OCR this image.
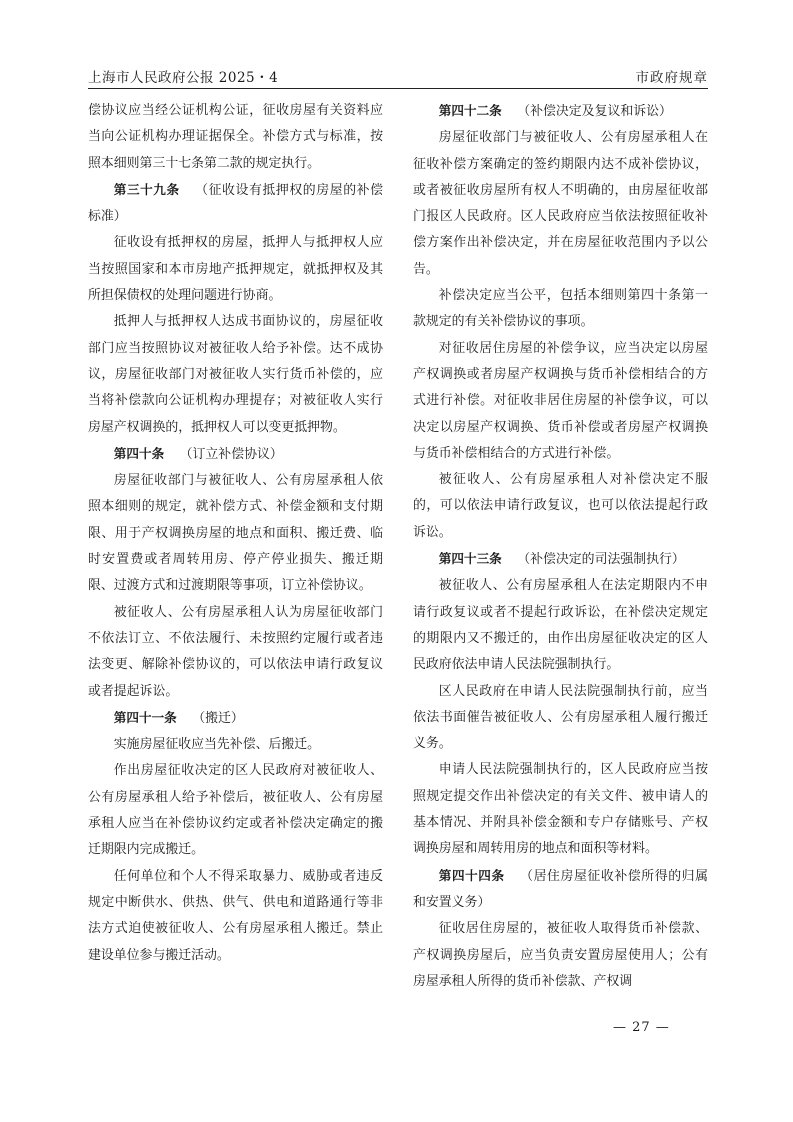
上海市人民政府公报 2025・4	市政府规章

偿协议应当经公证机构公证，征收房屋有关资料应当向公证机构办理证据保全。补偿方式与标准，按照本细则第三十七条第二款的规定执行。

第三十九条 （征收设有抵押权的房屋的补偿标准）

征收设有抵押权的房屋，抵押人与抵押权人应当按照国家和本市房地产抵押规定，就抵押权及其所担保债权的处理问题进行协商。

抵押人与抵押权人达成书面协议的，房屋征收部门应当按照协议对被征收人给予补偿。达不成协议，房屋征收部门对被征收人实行货币补偿的，应当将补偿款向公证机构办理提存；对被征收人实行房屋产权调换的，抵押权人可以变更抵押物。

第四十条 （订立补偿协议）

房屋征收部门与被征收人、公有房屋承租人依照本细则的规定，就补偿方式、补偿金额和支付期限、用于产权调换房屋的地点和面积、搬迁费、临时安置费或者周转用房、停产停业损失、搬迁期限、过渡方式和过渡期限等事项，订立补偿协议。

被征收人、公有房屋承租人认为房屋征收部门不依法订立、不依法履行、未按照约定履行或者违法变更、解除补偿协议的，可以依法申请行政复议或者提起诉讼。

第四十一条 （搬迁）

实施房屋征收应当先补偿、后搬迁。

作出房屋征收决定的区人民政府对被征收人、公有房屋承租人给予补偿后，被征收人、公有房屋承租人应当在补偿协议约定或者补偿决定确定的搬迁期限内完成搬迁。

任何单位和个人不得采取暴力、威胁或者违反规定中断供水、供热、供气、供电和道路通行等非法方式迫使被征收人、公有房屋承租人搬迁。禁止建设单位参与搬迁活动。

第四十二条 （补偿决定及复议和诉讼）

房屋征收部门与被征收人、公有房屋承租人在征收补偿方案确定的签约期限内达不成补偿协议，或者被征收房屋所有权人不明确的，由房屋征收部门报区人民政府。区人民政府应当依法按照征收补偿方案作出补偿决定，并在房屋征收范围内予以公告。

补偿决定应当公平，包括本细则第四十条第一款规定的有关补偿协议的事项。

对征收居住房屋的补偿争议，应当决定以房屋产权调换或者房屋产权调换与货币补偿相结合的方式进行补偿。对征收非居住房屋的补偿争议，可以决定以房屋产权调换、货币补偿或者房屋产权调换与货币补偿相结合的方式进行补偿。

被征收人、公有房屋承租人对补偿决定不服的，可以依法申请行政复议，也可以依法提起行政诉讼。

第四十三条 （补偿决定的司法强制执行）

被征收人、公有房屋承租人在法定期限内不申请行政复议或者不提起行政诉讼，在补偿决定规定的期限内又不搬迁的，由作出房屋征收决定的区人民政府依法申请人民法院强制执行。

区人民政府在申请人民法院强制执行前，应当依法书面催告被征收人、公有房屋承租人履行搬迁义务。

申请人民法院强制执行的，区人民政府应当按照规定提交作出补偿决定的有关文件、被申请人的基本情况、并附具补偿金额和专户存储账号、产权调换房屋和周转用房的地点和面积等材料。

第四十四条 （居住房屋征收补偿所得的归属和安置义务）

征收居住房屋的，被征收人取得货币补偿款、产权调换房屋后，应当负责安置房屋使用人；公有房屋承租人所得的货币补偿款、产权调

— 27 —
